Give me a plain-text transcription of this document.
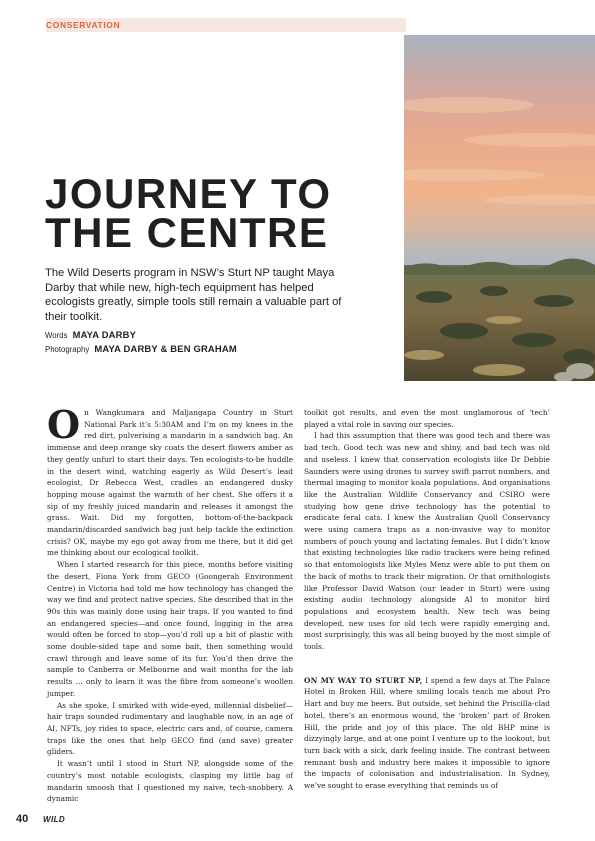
CONSERVATION
JOURNEY TO
THE CENTRE

The Wild Deserts program in NSW’s Sturt NP taught Maya Darby that while new, high-tech equipment has helped ecologists greatly, simple tools still remain a valuable part of their toolkit.

Words MAYA DARBY
Photography MAYA DARBY & BEN GRAHAM

On Wangkumara and Maljangapa Country in Sturt National Park it’s 5:30AM and I’m on my knees in the red dirt, pulverising a mandarin in a sandwich bag. An immense and deep orange sky coats the desert flowers amber as they gently unfurl to start their days. Ten ecologists-to-be huddle in the desert wind, watching eagerly as Wild Desert’s lead ecologist, Dr Rebecca West, cradles an endangered dusky hopping mouse against the warmth of her chest. She offers it a sip of my freshly juiced mandarin and releases it amongst the grass. Wait. Did my forgotten, bottom-of-the-backpack mandarin/discarded sandwich bag just help tackle the extinction crisis? OK, maybe my ego got away from me there, but it did get me thinking about our ecological toolkit.

When I started research for this piece, months before visiting the desert, Fiona York from GECO (Goongerah Environment Centre) in Victoria had told me how technology has changed the way we find and protect native species. She described that in the 90s this was mainly done using hair traps. If you wanted to find an endangered species—and once found, logging in the area would often be forced to stop—you’d roll up a bit of plastic with some double-sided tape and some bait, then something would crawl through and leave some of its fur. You’d then drive the sample to Canberra or Melbourne and wait months for the lab results ... only to learn it was the fibre from someone’s woollen jumper.

As she spoke, I smirked with wide-eyed, millennial disbelief—hair traps sounded rudimentary and laughable now, in an age of AI, NFTs, joy rides to space, electric cars and, of course, camera traps like the ones that help GECO find (and save) greater gliders.

It wasn’t until I stood in Sturt NP, alongside some of the country’s most notable ecologists, clasping my little bag of mandarin smoosh that I questioned my naive, tech-snobbery. A dynamic

toolkit got results, and even the most unglamorous of ‘tech’ played a vital role in saving our species.

I had this assumption that there was good tech and there was bad tech. Good tech was new and shiny, and bad tech was old and useless. I knew that conservation ecologists like Dr Debbie Saunders were using drones to survey swift parrot numbers, and thermal imaging to monitor koala populations. And organisations like the Australian Wildlife Conservancy and CSIRO were studying how gene drive technology has the potential to eradicate feral cats. I knew the Australian Quoll Conservancy were using camera traps as a non-invasive way to monitor numbers of pouch young and lactating females. But I didn’t know that existing technologies like radio trackers were being refined so that entomologists like Myles Menz were able to put them on the back of moths to track their migration. Or that ornithologists like Professor David Watson (our leader in Sturt) were using existing audio technology alongside AI to monitor bird populations and ecosystem health. New tech was being developed, new uses for old tech were rapidly emerging and, most surprisingly, this was all being buoyed by the most simple of tools.

ON MY WAY TO STURT NP, I spend a few days at The Palace Hotel in Broken Hill, where smiling locals teach me about Pro Hart and buy me beers. But outside, set behind the Priscilla-clad hotel, there’s an enormous wound, the ‘broken’ part of Broken Hill, the pride and joy of this place. The old BHP mine is dizzyingly large, and at one point I venture up to the lookout, but turn back with a sick, dark feeling inside. The contrast between remnant bush and industry here makes it impossible to ignore the impacts of colonisation and industrialisation. In Sydney, we’ve sought to erase everything that reminds us of

40 WILD
